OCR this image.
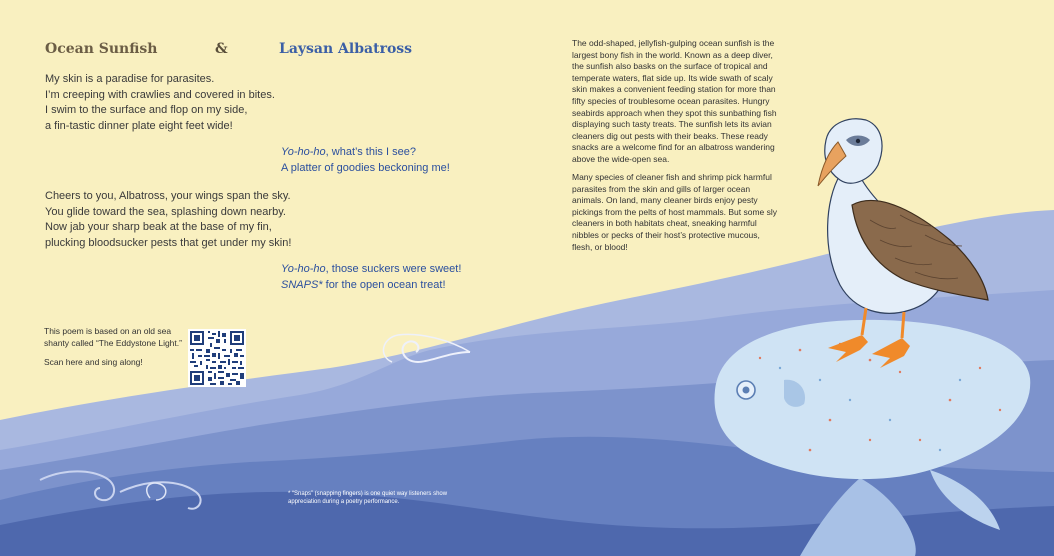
Ocean Sunfish	&	Laysan Albatross
My skin is a paradise for parasites.
I’m creeping with crawlies and covered in bites.
I swim to the surface and flop on my side,
a fin-tastic dinner plate eight feet wide!
Yo-ho-ho, what’s this I see?
A platter of goodies beckoning me!
Cheers to you, Albatross, your wings span the sky.
You glide toward the sea, splashing down nearby.
Now jab your sharp beak at the base of my fin,
plucking bloodsucker pests that get under my skin!
Yo-ho-ho, those suckers were sweet!
SNAPS* for the open ocean treat!
This poem is based on an old sea
shanty called “The Eddystone Light.”
Scan here and sing along!
The odd-shaped, jellyfish-gulping ocean sunfish is the largest bony fish in the world. Known as a deep diver, the sunfish also basks on the surface of tropical and temperate waters, flat side up. Its wide swath of scaly skin makes a convenient feeding station for more than fifty species of troublesome ocean parasites. Hungry seabirds approach when they spot this sunbathing fish displaying such tasty treats. The sunfish lets its avian cleaners dig out pests with their beaks. These ready snacks are a welcome find for an albatross wandering above the wide-open sea.
Many species of cleaner fish and shrimp pick harmful parasites from the skin and gills of larger ocean animals. On land, many cleaner birds enjoy pesty pickings from the pelts of host mammals. But some sly cleaners in both habitats cheat, sneaking harmful nibbles or pecks of their host’s protective mucous, flesh, or blood!
* “Snaps” (snapping fingers) is one quiet way listeners show appreciation during a poetry performance.
